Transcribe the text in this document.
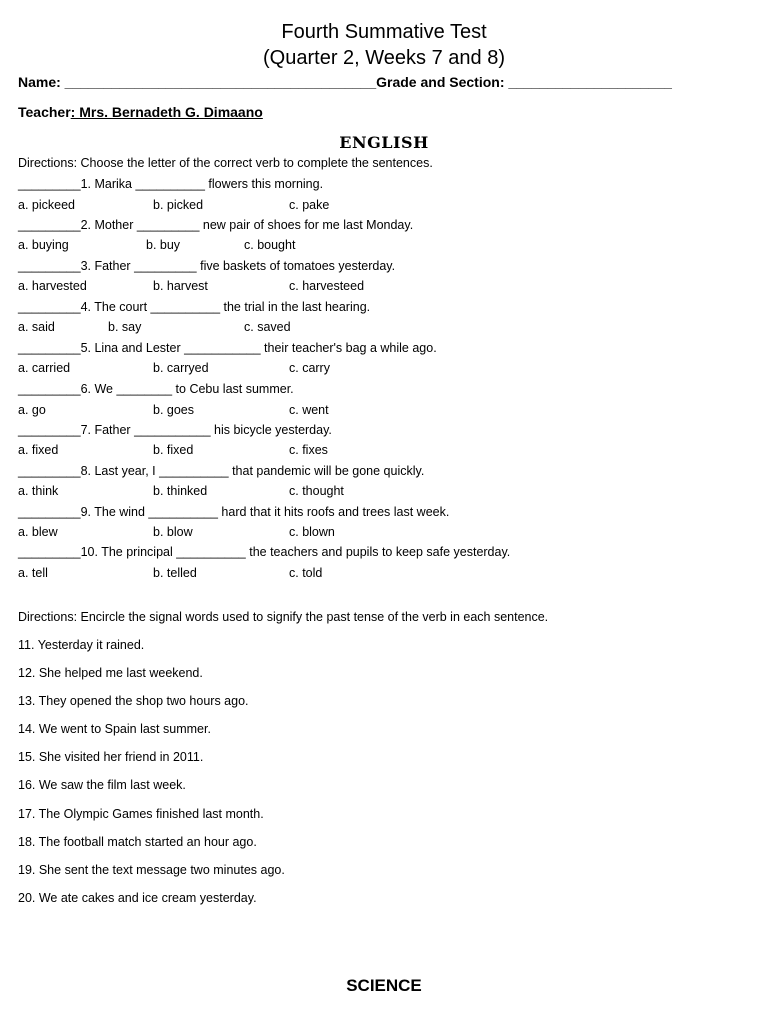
Fourth Summative Test
(Quarter 2, Weeks 7 and 8)
Name: ________________________________________Grade and Section: _____________________
Teacher: Mrs. Bernadeth G. Dimaano
ENGLISH
Directions: Choose the letter of the correct verb to complete the sentences.
_________1. Marika __________ flowers this morning.
a. pickeed	b. picked	c. pake
_________2. Mother _________ new pair of shoes for me last Monday.
a. buying	b. buy	c. bought
_________3. Father _________ five baskets of tomatoes yesterday.
a. harvested	b. harvest	c. harvesteed
_________4. The court __________ the trial in the last hearing.
a. said	b. say	c. saved
_________5. Lina and Lester ___________ their teacher's bag a while ago.
a. carried	b. carryed	c. carry
_________6. We ________ to Cebu last summer.
a. go	b. goes	c. went
_________7. Father ___________ his bicycle yesterday.
a. fixed	b. fixed	c. fixes
_________8. Last year, I __________ that pandemic will be gone quickly.
a. think	b. thinked	c. thought
_________9. The wind __________ hard that it hits roofs and trees last week.
a. blew	b. blow	c. blown
_________10. The principal __________ the teachers and pupils to keep safe yesterday.
a. tell	b. telled	c. told
Directions: Encircle the signal words used to signify the past tense of the verb in each sentence.
11. Yesterday it rained.
12. She helped me last weekend.
13. They opened the shop two hours ago.
14. We went to Spain last summer.
15. She visited her friend in 2011.
16. We saw the film last week.
17. The Olympic Games finished last month.
18. The football match started an hour ago.
19. She sent the text message two minutes ago.
20. We ate cakes and ice cream yesterday.
SCIENCE
